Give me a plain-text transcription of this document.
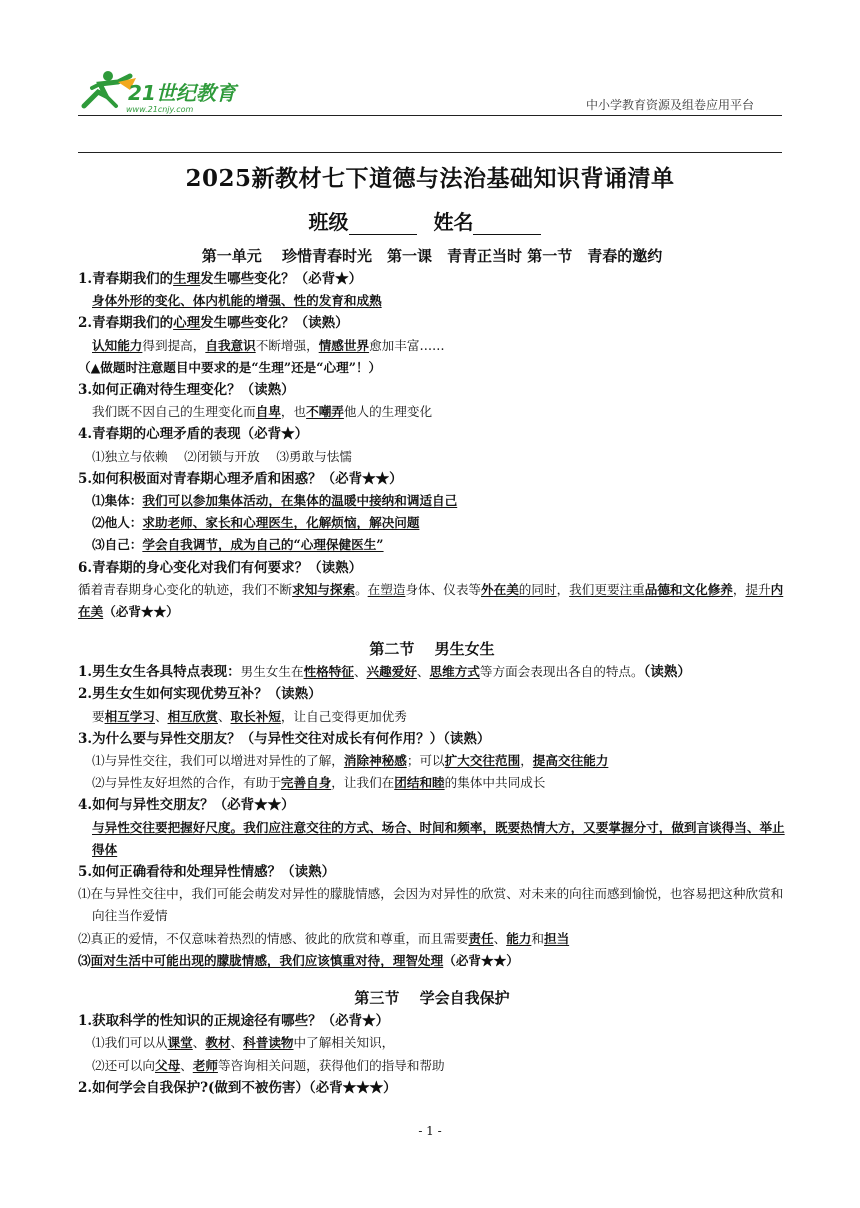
21世纪教育
www.21cnjy.com	中小学教育资源及组卷应用平台
2025新教材七下道德与法治基础知识背诵清单
班级	姓名
第一单元　 珍惜青春时光　第一课　青青正当时 第一节　青春的邀约
1.青春期我们的生理发生哪些变化？（必背★）
身体外形的变化、体内机能的增强、性的发育和成熟
2.青春期我们的心理发生哪些变化？（读熟）
认知能力得到提高，自我意识不断增强，情感世界愈加丰富……
（▲做题时注意题目中要求的是“生理”还是“心理”！）
3.如何正确对待生理变化？（读熟）
我们既不因自己的生理变化而自卑，也不嘲弄他人的生理变化
4.青春期的心理矛盾的表现（必背★）
⑴独立与依赖　 ⑵闭锁与开放　 ⑶勇敢与怯懦
5.如何积极面对青春期心理矛盾和困惑？（必背★★）
⑴集体：我们可以参加集体活动，在集体的温暖中接纳和调适自己
⑵他人：求助老师、家长和心理医生，化解烦恼，解决问题
⑶自己：学会自我调节，成为自己的“心理保健医生”
6.青春期的身心变化对我们有何要求？（读熟）
循着青春期身心变化的轨迹，我们不断求知与探索。在塑造身体、仪表等外在美的同时，我们更要注重品德和文化修养，提升内在美（必背★★）
第二节　 男生女生
1.男生女生各具特点表现：男生女生在性格特征、兴趣爱好、思维方式等方面会表现出各自的特点。（读熟）
2.男生女生如何实现优势互补？（读熟）
要相互学习、相互欣赏、取长补短，让自己变得更加优秀
3.为什么要与异性交朋友？（与异性交往对成长有何作用？）（读熟）
⑴与异性交往，我们可以增进对异性的了解，消除神秘感；可以扩大交往范围，提高交往能力
⑵与异性友好坦然的合作，有助于完善自身，让我们在团结和睦的集体中共同成长
4.如何与异性交朋友？（必背★★）
与异性交往要把握好尺度。我们应注意交往的方式、场合、时间和频率，既要热情大方，又要掌握分寸，做到言谈得当、举止得体
5.如何正确看待和处理异性情感？（读熟）
⑴在与异性交往中，我们可能会萌发对异性的朦胧情感，会因为对异性的欣赏、对未来的向往而感到愉悦，也容易把这种欣赏和向往当作爱情
⑵真正的爱情，不仅意味着热烈的情感、彼此的欣赏和尊重，而且需要责任、能力和担当
⑶面对生活中可能出现的朦胧情感，我们应该慎重对待，理智处理（必背★★）
第三节　 学会自我保护
1.获取科学的性知识的正规途径有哪些？（必背★）
⑴我们可以从课堂、教材、科普读物中了解相关知识，
⑵还可以向父母、老师等咨询相关问题，获得他们的指导和帮助
2.如何学会自我保护?(做到不被伤害）（必背★★★）
- 1 -
